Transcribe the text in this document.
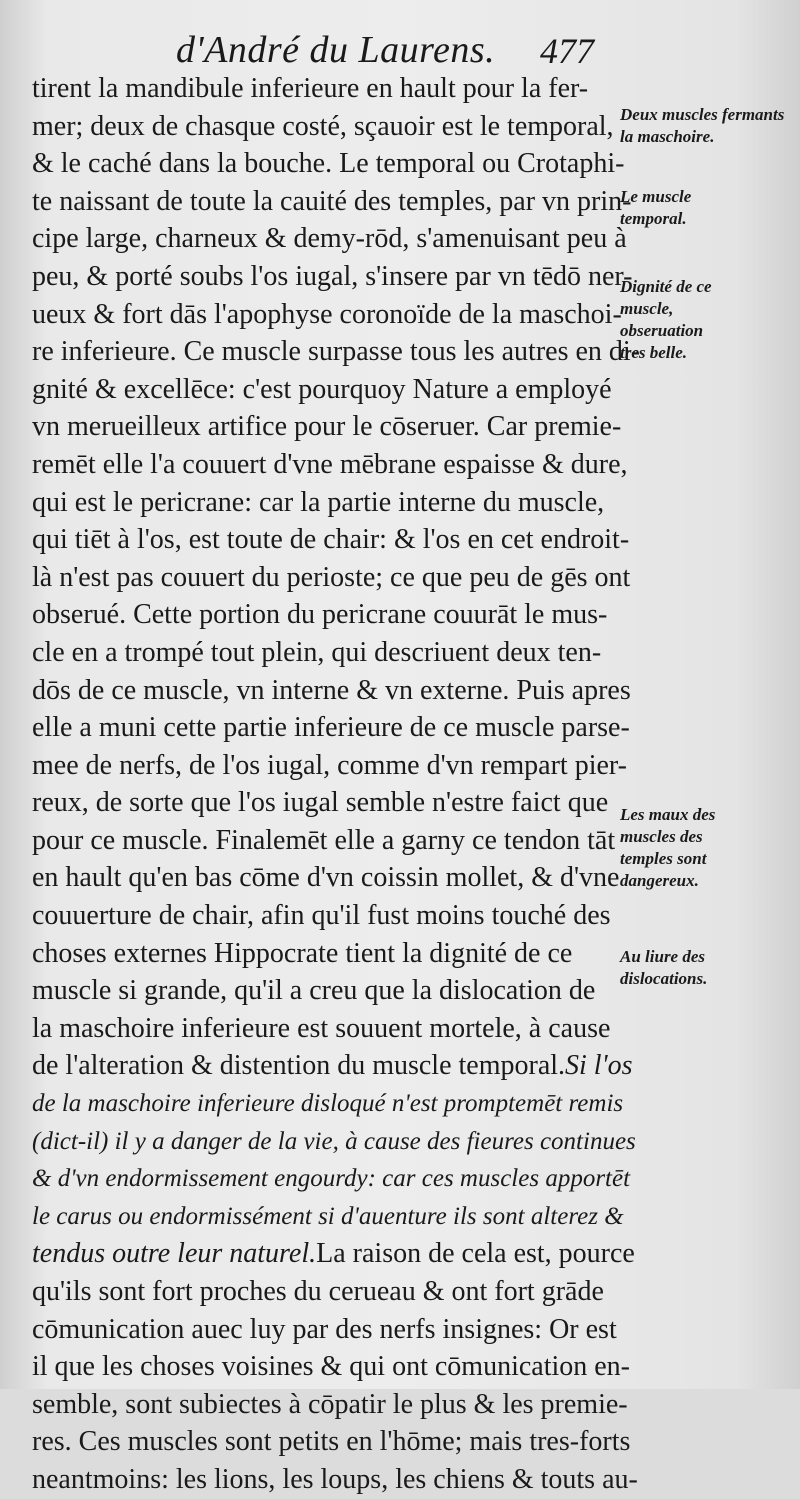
d'André du Laurens. 477
tirent la mandibule inferieure en hault pour la fer-
mer; deux de chasque costé, sçauoir est le temporal,
& le caché dans la bouche. Le temporal ou Crotaphi-
te naissant de toute la cauité des temples, par vn prin-
cipe large, charneux & demy-rōd, s'amenuisant peu à
peu, & porté soubs l'os iugal, s'insere par vn tēdō ner-
ueux & fort dās l'apophyse coronoïde de la maschoi-
re inferieure. Ce muscle surpasse tous les autres en di-
gnité & excellēce: c'est pourquoy Nature a employé
vn merueilleux artifice pour le cōseruer. Car premie-
remēt elle l'a couuert d'vne mēbrane espaisse & dure,
qui est le pericrane: car la partie interne du muscle,
qui tiēt à l'os, est toute de chair: & l'os en cet endroit-
là n'est pas couuert du perioste; ce que peu de gēs ont
obserué. Cette portion du pericrane couurāt le mus-
cle en a trompé tout plein, qui descriuent deux ten-
dōs de ce muscle, vn interne & vn externe. Puis apres
elle a muni cette partie inferieure de ce muscle parse-
mee de nerfs, de l'os iugal, comme d'vn rempart pier-
reux, de sorte que l'os iugal semble n'estre faict que
pour ce muscle. Finalemēt elle a garny ce tendon tāt
en hault qu'en bas cōme d'vn coissin mollet, & d'vne
couuerture de chair, afin qu'il fust moins touché des
choses externes Hippocrate tient la dignité de ce
muscle si grande, qu'il a creu que la dislocation de
la maschoire inferieure est souuent mortele, à cause
de l'alteration & distention du muscle temporal.Si l'os
de la maschoire inferieure disloqué n'est promptemēt remis
(dict-il) il y a danger de la vie, à cause des fieures continues
& d'vn endormissement engourdy: car ces muscles apportēt
le carus ou endormissément si d'auenture ils sont alterez &
tendus outre leur naturel.La raison de cela est, pource
qu'ils sont fort proches du cerueau & ont fort grāde
cōmunication auec luy par des nerfs insignes: Or est
il que les choses voisines & qui ont cōmunication en-
semble, sont subiectes à cōpatir le plus & les premie-
res. Ces muscles sont petits en l'hōme; mais tres-forts
neantmoins: les lions, les loups, les chiens & touts au-
Deux muscles fermants
la maschoire.
Le muscle
temporal.
Dignité de ce
muscle,
obseruation
tres belle.
Les maux des
muscles des
temples sont
dangereux.
Au liure des
dislocations.
